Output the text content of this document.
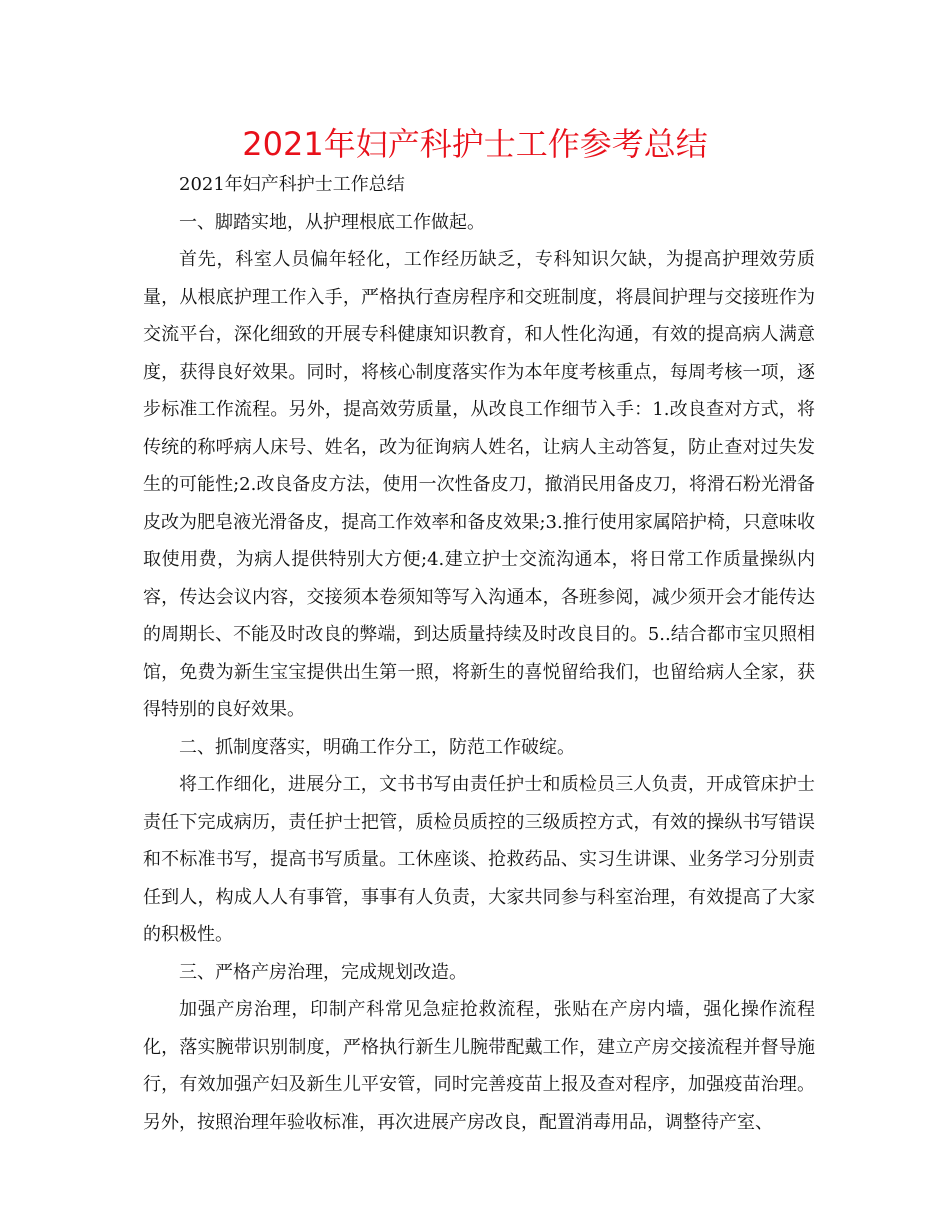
2021年妇产科护士工作参考总结

2021年妇产科护士工作总结

一、脚踏实地，从护理根底工作做起。

首先，科室人员偏年轻化，工作经历缺乏，专科知识欠缺，为提高护理效劳质量，从根底护理工作入手，严格执行查房程序和交班制度，将晨间护理与交接班作为交流平台，深化细致的开展专科健康知识教育，和人性化沟通，有效的提高病人满意度，获得良好效果。同时，将核心制度落实作为本年度考核重点，每周考核一项，逐步标准工作流程。另外，提高效劳质量，从改良工作细节入手：1.改良查对方式，将传统的称呼病人床号、姓名，改为征询病人姓名，让病人主动答复，防止查对过失发生的可能性;2.改良备皮方法，使用一次性备皮刀，撤消民用备皮刀，将滑石粉光滑备皮改为肥皂液光滑备皮，提高工作效率和备皮效果;3.推行使用家属陪护椅，只意味收取使用费，为病人提供特别大方便;4.建立护士交流沟通本，将日常工作质量操纵内容，传达会议内容，交接须本卷须知等写入沟通本，各班参阅，减少须开会才能传达的周期长、不能及时改良的弊端，到达质量持续及时改良目的。5..结合都市宝贝照相馆，免费为新生宝宝提供出生第一照，将新生的喜悦留给我们，也留给病人全家，获得特别的良好效果。

二、抓制度落实，明确工作分工，防范工作破绽。

将工作细化，进展分工，文书书写由责任护士和质检员三人负责，开成管床护士责任下完成病历，责任护士把管，质检员质控的三级质控方式，有效的操纵书写错误和不标准书写，提高书写质量。工休座谈、抢救药品、实习生讲课、业务学习分别责任到人，构成人人有事管，事事有人负责，大家共同参与科室治理，有效提高了大家的积极性。

三、严格产房治理，完成规划改造。

加强产房治理，印制产科常见急症抢救流程，张贴在产房内墙，强化操作流程化，落实腕带识别制度，严格执行新生儿腕带配戴工作，建立产房交接流程并督导施行，有效加强产妇及新生儿平安管，同时完善疫苗上报及查对程序，加强疫苗治理。另外，按照治理年验收标准，再次进展产房改良，配置消毒用品，调整待产室、
